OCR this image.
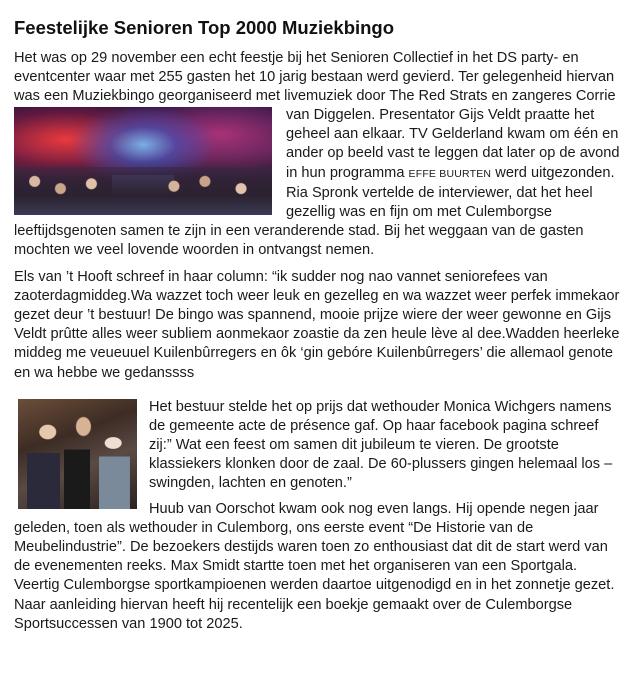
Feestelijke Senioren Top 2000 Muziekbingo

Het was op 29 november een echt feestje bij het Senioren Collectief in het DS party- en eventcenter waar met 255 gasten het 10 jarig bestaan werd gevierd. Ter gelegenheid hiervan was een Muziekbingo georganiseerd met livemuziek door The Red Strats en zangeres Corrie van Diggelen. Presentator Gijs Veldt praatte het
geheel aan elkaar. TV Gelderland kwam om één en ander op beeld vast te leggen dat later op de avond in hun programma EFFE BUURTEN werd uitgezonden. Ria Spronk vertelde de interviewer, dat het heel gezellig was en fijn om met Culemborgse leeftijdsgenoten samen te zijn in een veranderende stad. Bij het weggaan van de gasten mochten we veel lovende woorden in ontvangst nemen.

Els van ’t Hooft schreef in haar column: “ik sudder nog nao vannet seniorefees van zaoterdagmiddeg.Wa wazzet toch weer leuk en gezelleg en wa wazzet weer perfek immekaor gezet deur ’t bestuur! De bingo was spannend, mooie prijze wiere der weer gewonne en Gijs Veldt prûtte alles weer subliem aonmekaor zoastie da zen heule lève al dee.Wadden heerleke middeg me veueuuel Kuilenbûrregers en ôk ‘gin gebóre Kuilenbûrregers’ die allemaol genote en wa hebbe we gedanssss

Het bestuur stelde het op prijs dat wethouder Monica Wichgers namens de gemeente acte de présence gaf. Op haar facebook pagina schreef zij:” Wat een feest om samen dit jubileum te vieren. De grootste klassiekers klonken door de zaal. De 60-plussers gingen helemaal los – swingden, lachten en genoten.”

Huub van Oorschot kwam ook nog even langs. Hij opende negen jaar geleden, toen als wethouder in Culemborg, ons eerste event “De Historie van de Meubelindustrie”. De bezoekers destijds waren toen zo enthousiast dat dit de start werd van de evenementen reeks. Max Smidt startte toen met het organiseren van een Sportgala. Veertig Culemborgse sportkampioenen werden daartoe uitgenodigd en in het zonnetje gezet. Naar aanleiding hiervan heeft hij recentelijk een boekje gemaakt over de Culemborgse Sportsuccessen van 1900 tot 2025.
